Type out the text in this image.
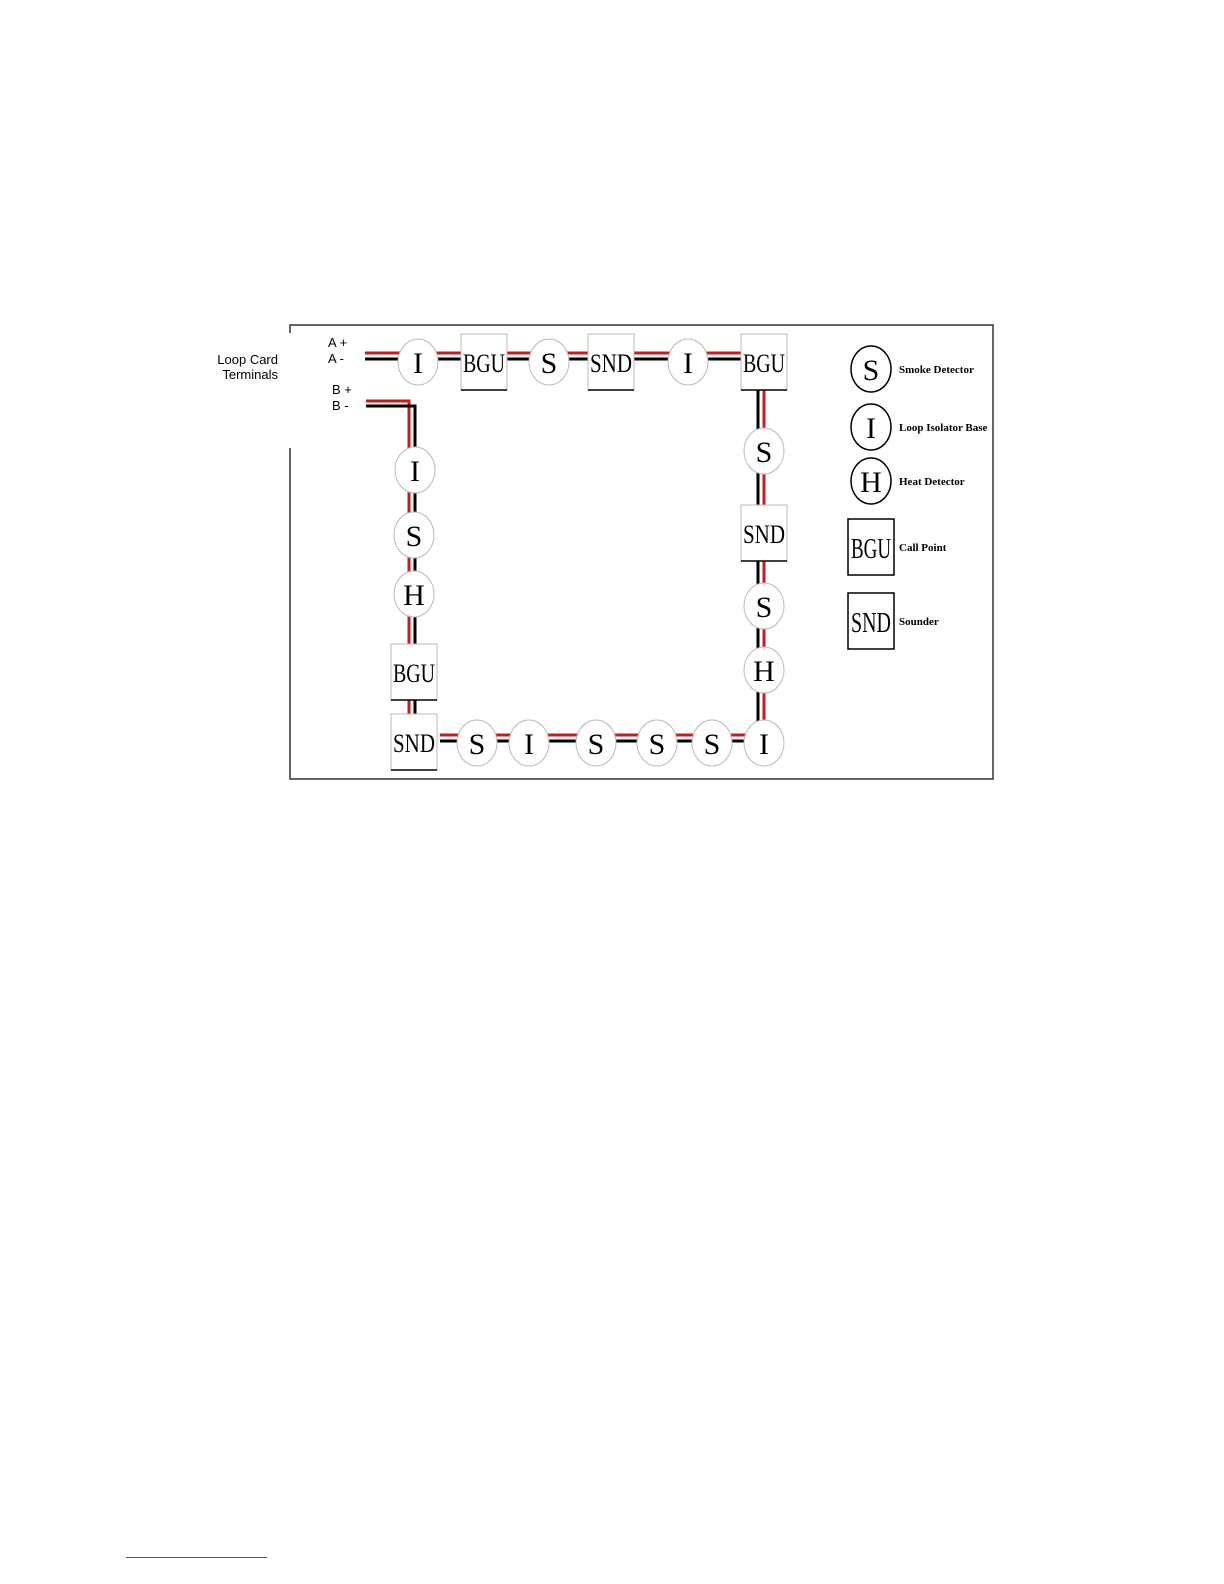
Loop Card
Terminals
A +
A -
B +
B -
I BGU S SND I BGU
S
SND
S
H
SND S I S S S I
I
S
H
BGU
S Smoke Detector
I Loop Isolator Base
H Heat Detector
BGU Call Point
SND Sounder
